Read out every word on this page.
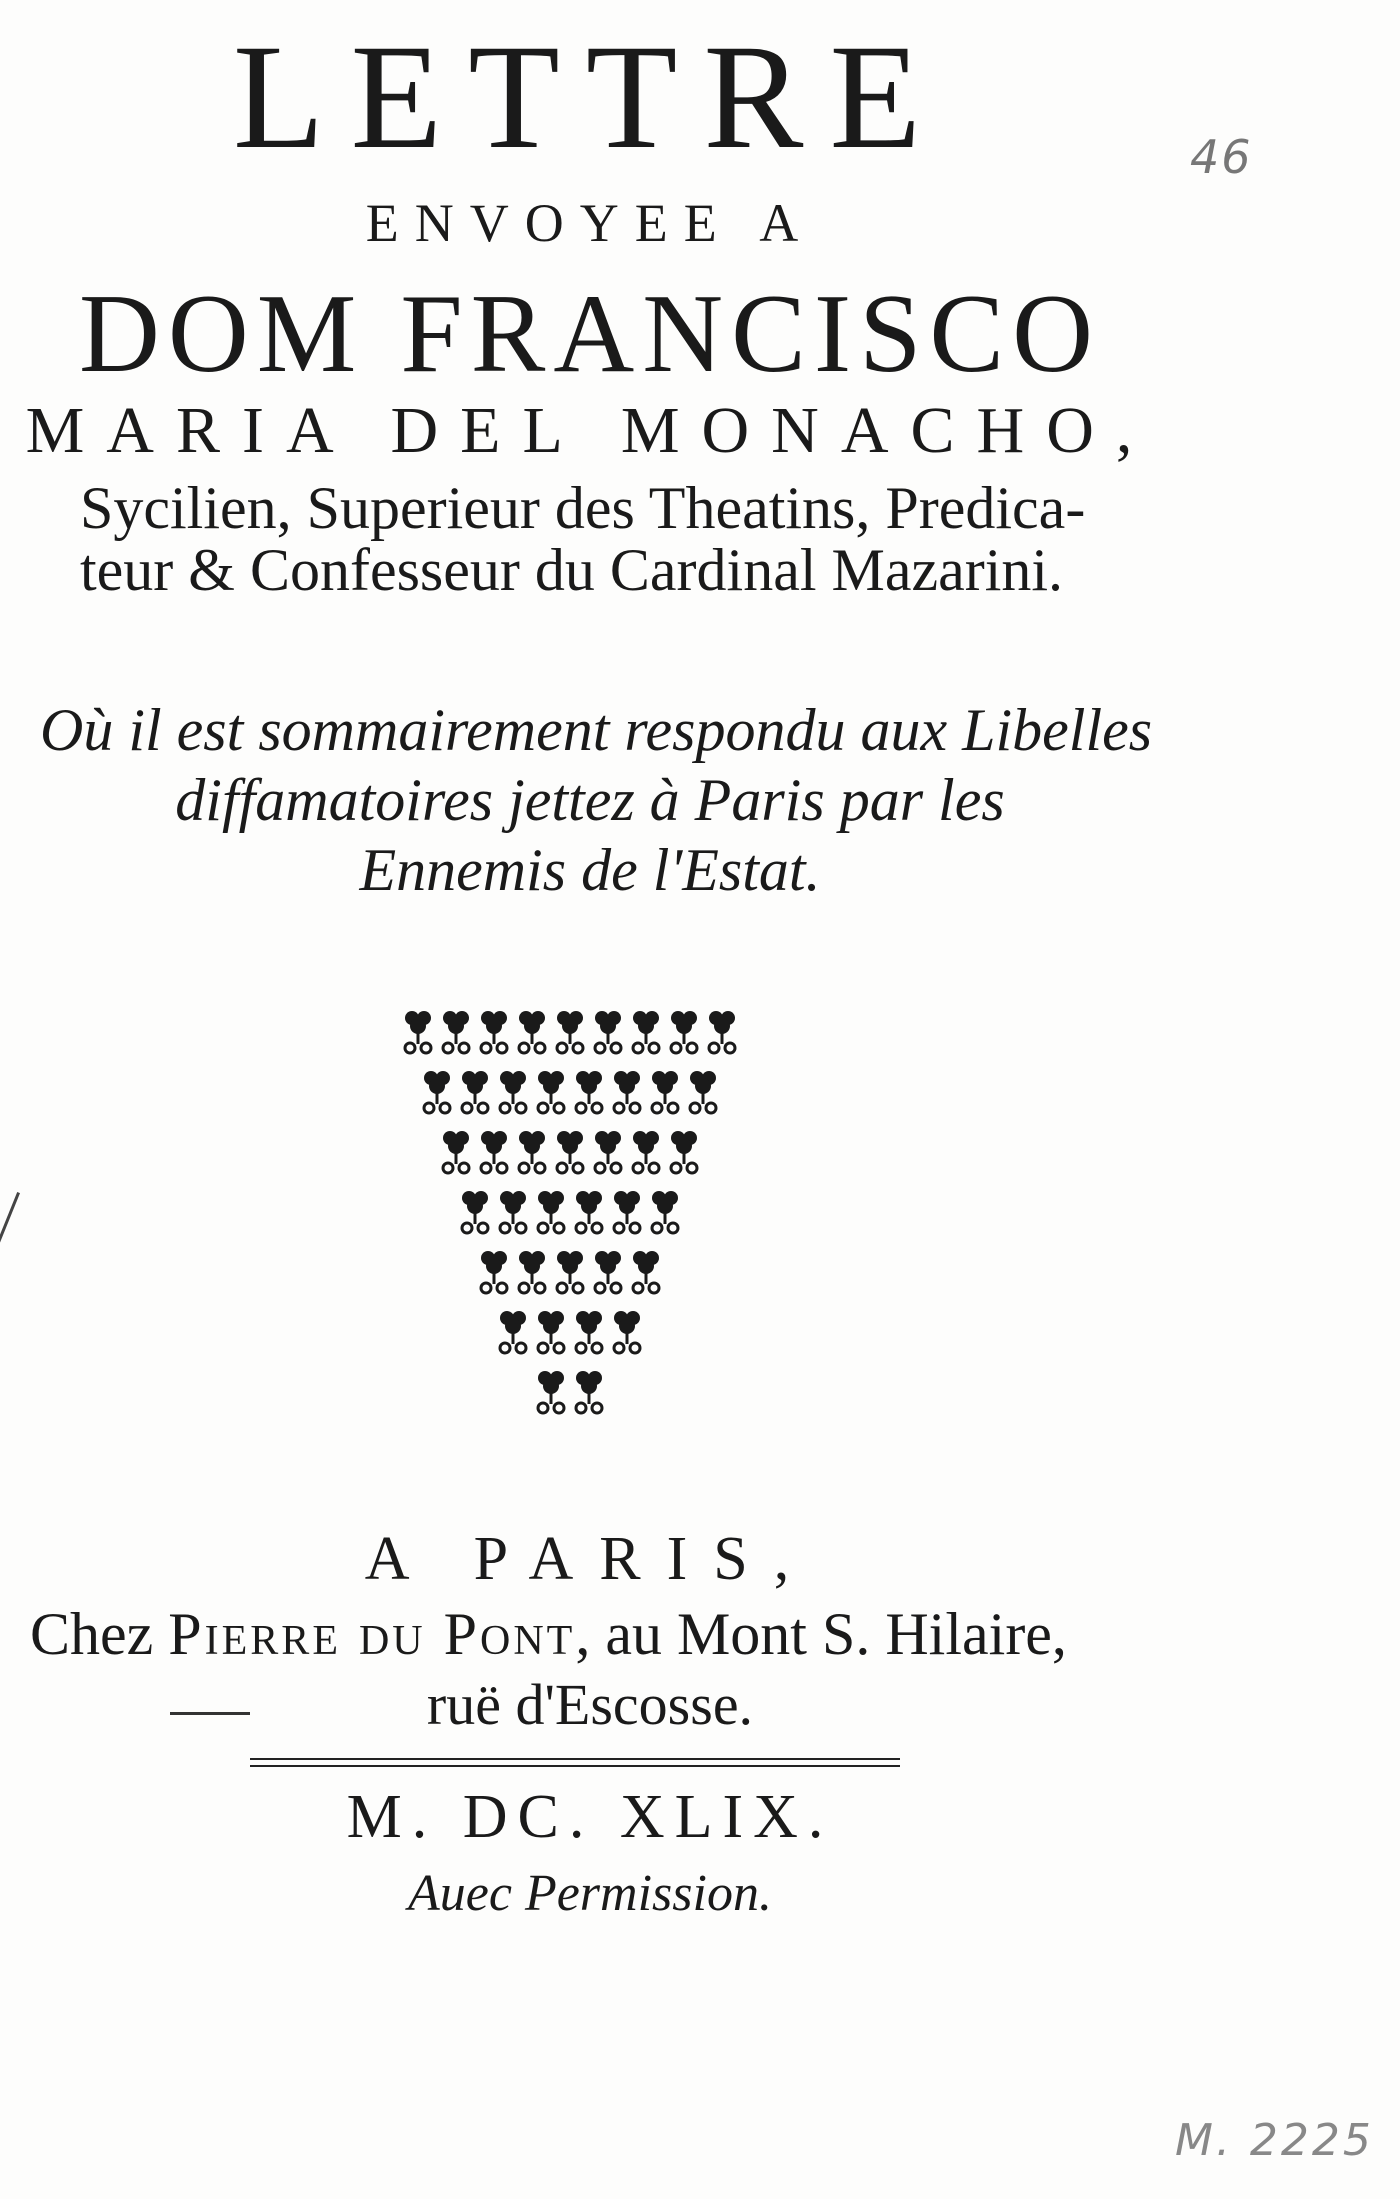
LETTRE
ENVOYEE A
DOM FRANCISCO
MARIA DEL MONACHO,
Sycilien, Superieur des Theatins, Predica-
teur & Confesseur du Cardinal Mazarini.
Où il est sommairement respondu aux Libelles
diffamatoires jettez à Paris par les
Ennemis de l'Estat.
A PARIS,
Chez Pierre du Pont, au Mont S. Hilaire,
ruë d'Escosse.
M. DC. XLIX.
Auec Permission.
46
M. 2225
